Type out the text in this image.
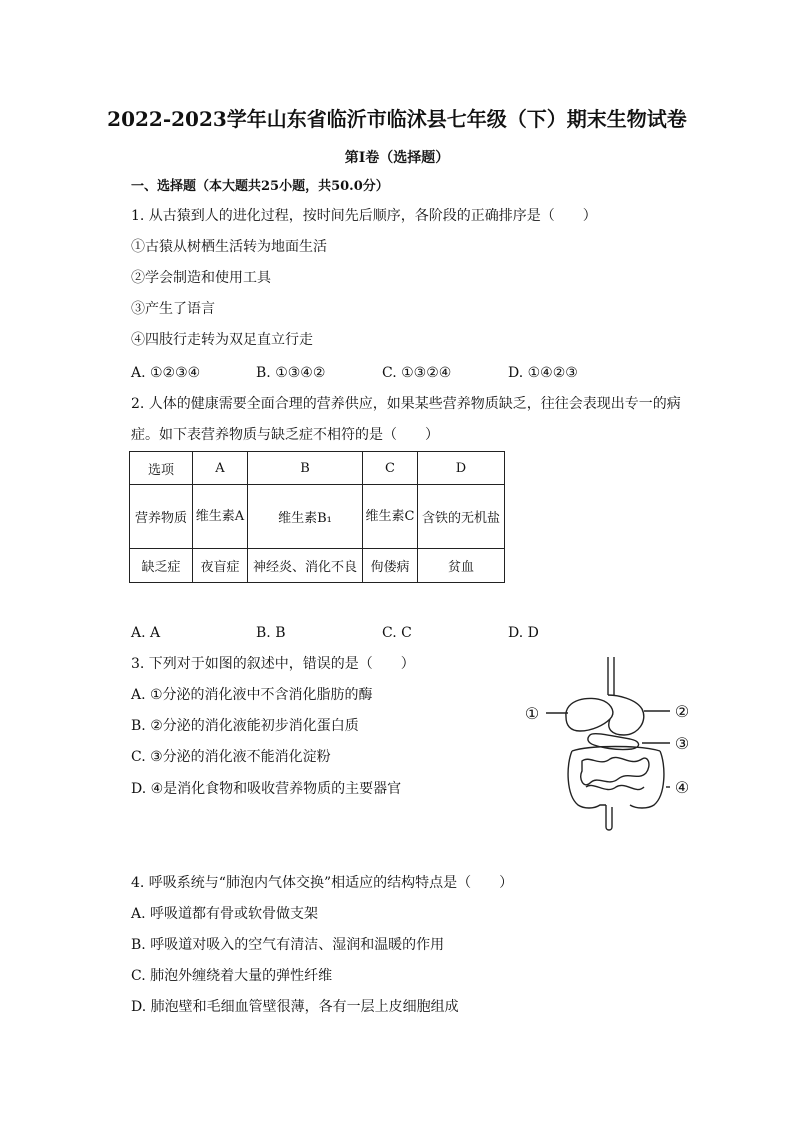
2022-2023学年山东省临沂市临沭县七年级（下）期末生物试卷
第I卷（选择题）
一、选择题（本大题共25小题，共50.0分）
1. 从古猿到人的进化过程，按时间先后顺序，各阶段的正确排序是（　　）
①古猿从树栖生活转为地面生活
②学会制造和使用工具
③产生了语言
④四肢行走转为双足直立行走
A. ①②③④	B. ①③④②	C. ①③②④	D. ①④②③
2. 人体的健康需要全面合理的营养供应，如果某些营养物质缺乏，往往会表现出专一的病
症。如下表营养物质与缺乏症不相符的是（　　）
选项	A	B	C	D
营养物质	维生素A	维生素B₁	维生素C	含铁的无机盐
缺乏症	夜盲症	神经炎、消化不良	佝偻病	贫血
A. A	B. B	C. C	D. D
3. 下列对于如图的叙述中，错误的是（　　）
A. ①分泌的消化液中不含消化脂肪的酶
B. ②分泌的消化液能初步消化蛋白质
C. ③分泌的消化液不能消化淀粉
D. ④是消化食物和吸收营养物质的主要器官
①	②
③
④
4. 呼吸系统与“肺泡内气体交换”相适应的结构特点是（　　）
A. 呼吸道都有骨或软骨做支架
B. 呼吸道对吸入的空气有清洁、湿润和温暖的作用
C. 肺泡外缠绕着大量的弹性纤维
D. 肺泡壁和毛细血管壁很薄，各有一层上皮细胞组成
